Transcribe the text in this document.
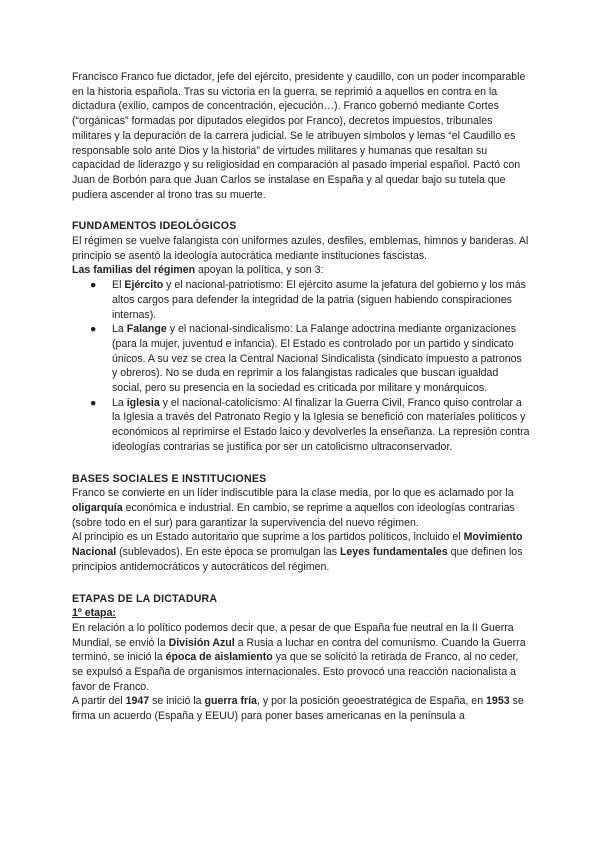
Francisco Franco fue dictador, jefe del ejército, presidente y caudillo, con un poder incomparable en la historia española. Tras su victoria en la guerra, se reprimió a aquellos en contra en la dictadura (exilio, campos de concentración, ejecución…). Franco gobernó mediante Cortes (“orgánicas” formadas por diputados elegidos por Franco), decretos impuestos, tribunales militares y la depuración de la carrera judicial. Se le atribuyen símbolos y lemas “el Caudillo es responsable solo ante Dios y la historia” de virtudes militares y humanas que resaltan su capacidad de liderazgo y su religiosidad en comparación al pasado imperial español. Pactó con Juan de Borbón para que Juan Carlos se instalase en España y al quedar bajo su tutela que pudiera ascender al trono tras su muerte.

FUNDAMENTOS IDEOLÓGICOS

El régimen se vuelve falangista con uniformes azules, desfiles, emblemas, himnos y banderas. Al principio se asentó la ideología autocrática mediante instituciones fascistas.

Las familias del régimen apoyan la política, y son 3:

● El Ejército y el nacional-patriotismo: El ejército asume la jefatura del gobierno y los más altos cargos para defender la integridad de la patria (siguen habiendo conspiraciones internas).
● La Falange y el nacional-sindicalismo: La Falange adoctrina mediante organizaciones (para la mujer, juventud e infancia). El Estado es controlado por un partido y sindicato únicos. A su vez se crea la Central Nacional Sindicalista (sindicato impuesto a patronos y obreros). No se duda en reprimir a los falangistas radicales que buscan igualdad social, pero su presencia en la sociedad es criticada por militare y monárquicos.
● La iglesia y el nacional-catolicismo: Al finalizar la Guerra Civil, Franco quiso controlar a la Iglesia a través del Patronato Regio y la Iglesia se benefició con materiales políticos y económicos al reprimirse el Estado laico y devolverles la enseñanza. La represión contra ideologías contrarias se justifica por ser un catolicismo ultraconservador.
BASES SOCIALES E INSTITUCIONES

Franco se convierte en un líder indiscutible para la clase media, por lo que es aclamado por la oligarquía económica e industrial. En cambio, se reprime a aquellos con ideologías contrarias (sobre todo en el sur) para garantizar la supervivencia del nuevo régimen.

Al principio es un Estado autoritario que suprime a los partidos políticos, incluido el Movimiento Nacional (sublevados). En este época se promulgan las Leyes fundamentales que definen los principios antidemocráticos y autocráticos del régimen.

ETAPAS DE LA DICTADURA

1º etapa:

En relación a lo político podemos decir que, a pesar de que España fue neutral en la II Guerra Mundial, se envió la División Azul a Rusia a luchar en contra del comunismo. Cuando la Guerra terminó, se inició la época de aislamiento ya que se solicitó la retirada de Franco, al no ceder, se expulsó a España de organismos internacionales. Esto provocó una reacción nacionalista a favor de Franco.

A partir del 1947 se inició la guerra fría, y por la posición geoestratégica de España, en 1953 se firma un acuerdo (España y EEUU) para poner bases americanas en la península a
